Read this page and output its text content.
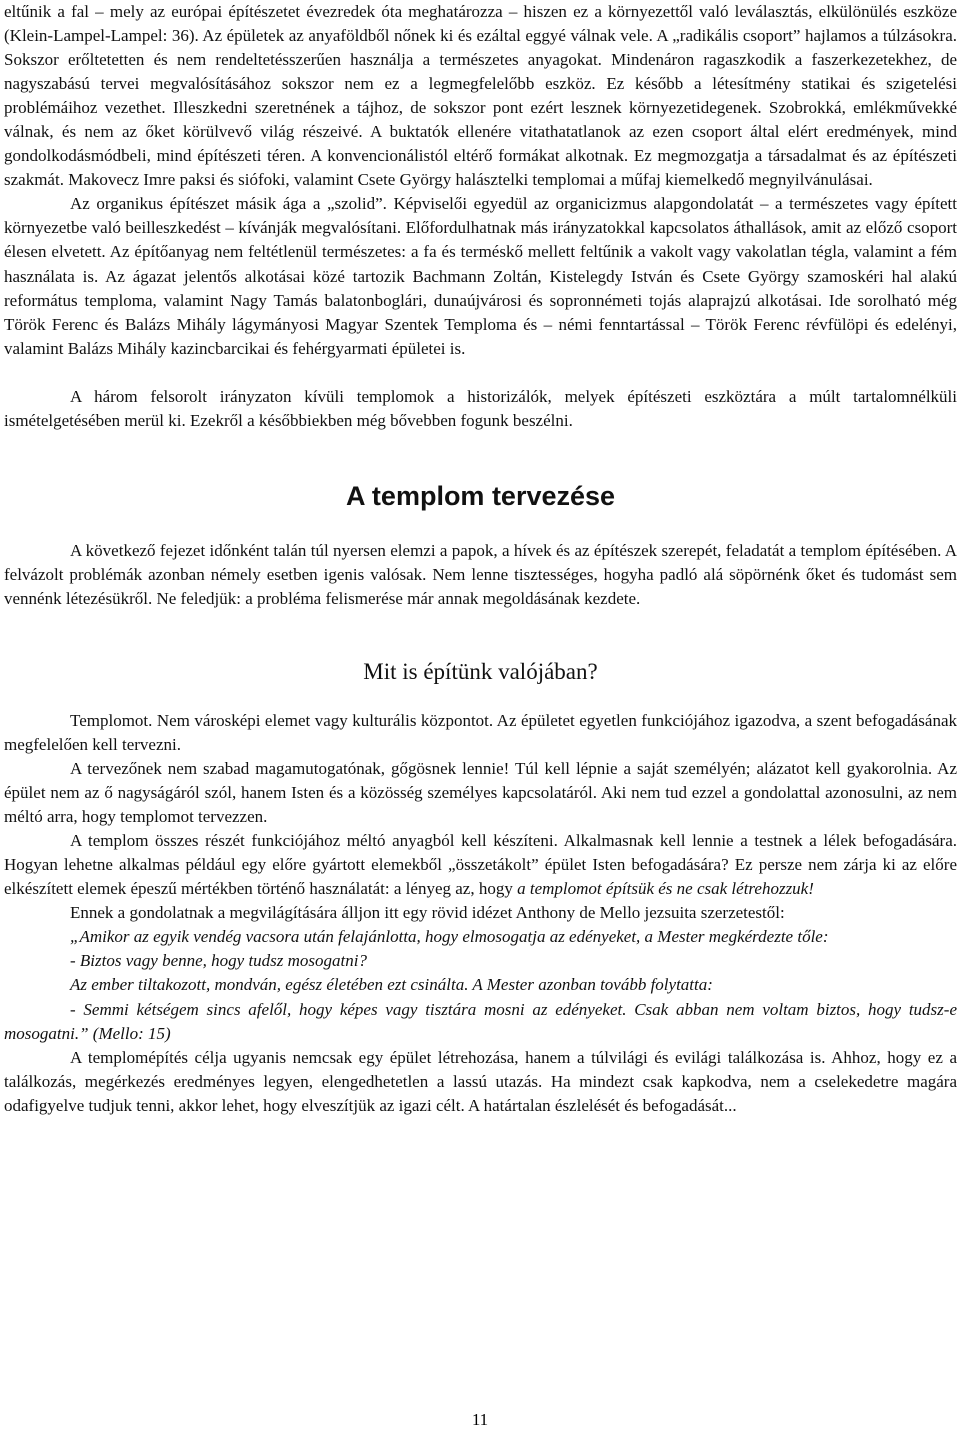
eltűnik a fal – mely az európai építészetet évezredek óta meghatározza – hiszen ez a környezettől való leválasztás, elkülönülés eszköze (Klein-Lampel-Lampel: 36). Az épületek az anyaföldből nőnek ki és ezáltal eggyé válnak vele. A „radikális csoport” hajlamos a túlzásokra. Sokszor erőltetetten és nem rendeltetésszerűen használja a természetes anyagokat. Mindenáron ragaszkodik a faszerkezetekhez, de nagyszabású tervei megvalósításához sokszor nem ez a legmegfelelőbb eszköz. Ez később a létesítmény statikai és szigetelési problémáihoz vezethet. Illeszkedni szeretnének a tájhoz, de sokszor pont ezért lesznek környezetidegenek. Szobrokká, emlékművekké válnak, és nem az őket körülvevő világ részeivé. A buktatók ellenére vitathatatlanok az ezen csoport által elért eredmények, mind gondolkodásmódbeli, mind építészeti téren. A konvencionálistól eltérő formákat alkotnak. Ez megmozgatja a társadalmat és az építészeti szakmát. Makovecz Imre paksi és siófoki, valamint Csete György halásztelki templomai a műfaj kiemelkedő megnyilvánulásai.

Az organikus építészet másik ága a „szolid”. Képviselői egyedül az organicizmus alapgondolatát – a természetes vagy épített környezetbe való beilleszkedést – kívánják megvalósítani. Előfordulhatnak más irányzatokkal kapcsolatos áthallások, amit az előző csoport élesen elvetett. Az építőanyag nem feltétlenül természetes: a fa és terméskő mellett feltűnik a vakolt vagy vakolatlan tégla, valamint a fém használata is. Az ágazat jelentős alkotásai közé tartozik Bachmann Zoltán, Kistelegdy István és Csete György szamoskéri hal alakú református temploma, valamint Nagy Tamás balatonboglári, dunaújvárosi és sopronnémeti tojás alaprajzú alkotásai. Ide sorolható még Török Ferenc és Balázs Mihály lágymányosi Magyar Szentek Temploma és – némi fenntartással – Török Ferenc révfülöpi és edelényi, valamint Balázs Mihály kazincbarcikai és fehérgyarmati épületei is.

A három felsorolt irányzaton kívüli templomok a historizálók, melyek építészeti eszköztára a múlt tartalomnélküli ismételgetésében merül ki. Ezekről a későbbiekben még bővebben fogunk beszélni.

A templom tervezése

A következő fejezet időnként talán túl nyersen elemzi a papok, a hívek és az építészek szerepét, feladatát a templom építésében. A felvázolt problémák azonban némely esetben igenis valósak. Nem lenne tisztességes, hogyha padló alá söpörnénk őket és tudomást sem vennénk létezésükről. Ne feledjük: a probléma felismerése már annak megoldásának kezdete.

Mit is építünk valójában?

Templomot. Nem városképi elemet vagy kulturális központot. Az épületet egyetlen funkciójához igazodva, a szent befogadásának megfelelően kell tervezni.

A tervezőnek nem szabad magamutogatónak, gőgösnek lennie! Túl kell lépnie a saját személyén; alázatot kell gyakorolnia. Az épület nem az ő nagyságáról szól, hanem Isten és a közösség személyes kapcsolatáról. Aki nem tud ezzel a gondolattal azonosulni, az nem méltó arra, hogy templomot tervezzen.

A templom összes részét funkciójához méltó anyagból kell készíteni. Alkalmasnak kell lennie a testnek a lélek befogadására. Hogyan lehetne alkalmas például egy előre gyártott elemekből „összetákolt” épület Isten befogadására? Ez persze nem zárja ki az előre elkészített elemek épeszű mértékben történő használatát: a lényeg az, hogy a templomot építsük és ne csak létrehozzuk!

Ennek a gondolatnak a megvilágítására álljon itt egy rövid idézet Anthony de Mello jezsuita szerzetestől:

„Amikor az egyik vendég vacsora után felajánlotta, hogy elmosogatja az edényeket, a Mester megkérdezte tőle:

- Biztos vagy benne, hogy tudsz mosogatni?

Az ember tiltakozott, mondván, egész életében ezt csinálta. A Mester azonban tovább folytatta:

- Semmi kétségem sincs afelől, hogy képes vagy tisztára mosni az edényeket. Csak abban nem voltam biztos, hogy tudsz-e mosogatni.” (Mello: 15)

A templomépítés célja ugyanis nemcsak egy épület létrehozása, hanem a túlvilági és evilági találkozása is. Ahhoz, hogy ez a találkozás, megérkezés eredményes legyen, elengedhetetlen a lassú utazás. Ha mindezt csak kapkodva, nem a cselekedetre magára odafigyelve tudjuk tenni, akkor lehet, hogy elveszítjük az igazi célt. A határtalan észlelését és befogadását...

11
